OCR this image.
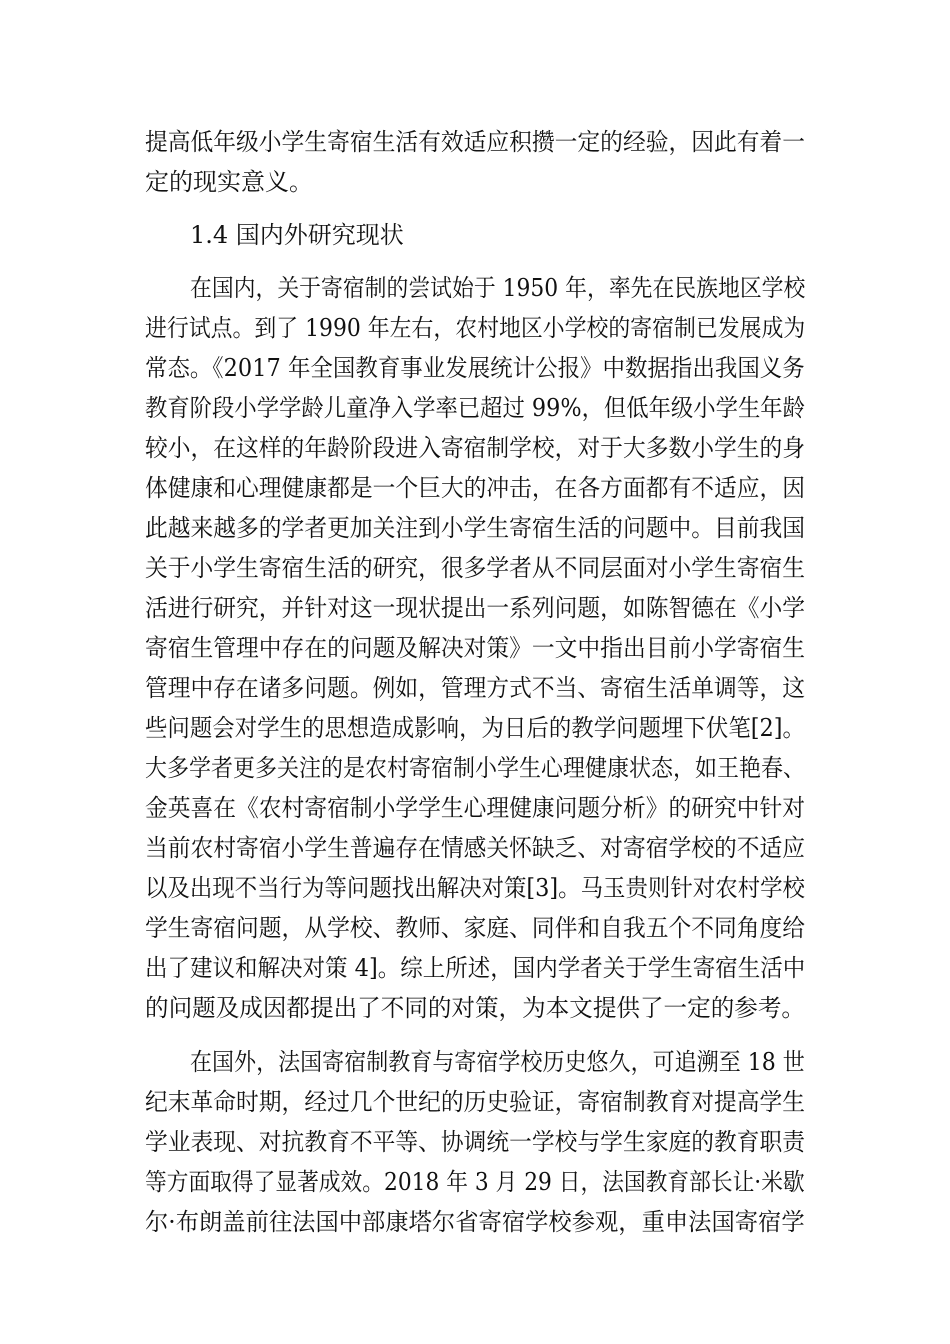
提高低年级小学生寄宿生活有效适应积攒一定的经验，因此有着一
定的现实意义。
1.4 国内外研究现状
在国内，关于寄宿制的尝试始于 1950 年，率先在民族地区学校
进行试点。到了 1990 年左右，农村地区小学校的寄宿制已发展成为
常态。《2017 年全国教育事业发展统计公报》中数据指出我国义务
教育阶段小学学龄儿童净入学率已超过 99%，但低年级小学生年龄
较小，在这样的年龄阶段进入寄宿制学校，对于大多数小学生的身
体健康和心理健康都是一个巨大的冲击，在各方面都有不适应，因
此越来越多的学者更加关注到小学生寄宿生活的问题中。目前我国
关于小学生寄宿生活的研究，很多学者从不同层面对小学生寄宿生
活进行研究，并针对这一现状提出一系列问题，如陈智德在《小学
寄宿生管理中存在的问题及解决对策》一文中指出目前小学寄宿生
管理中存在诸多问题。例如，管理方式不当、寄宿生活单调等，这
些问题会对学生的思想造成影响，为日后的教学问题埋下伏笔[2]。
大多学者更多关注的是农村寄宿制小学生心理健康状态，如王艳春、
金英喜在《农村寄宿制小学学生心理健康问题分析》的研究中针对
当前农村寄宿小学生普遍存在情感关怀缺乏、对寄宿学校的不适应
以及出现不当行为等问题找出解决对策[3]。马玉贵则针对农村学校
学生寄宿问题，从学校、教师、家庭、同伴和自我五个不同角度给
出了建议和解决对策 4]。综上所述，国内学者关于学生寄宿生活中
的问题及成因都提出了不同的对策，为本文提供了一定的参考。
在国外，法国寄宿制教育与寄宿学校历史悠久，可追溯至 18 世
纪末革命时期，经过几个世纪的历史验证，寄宿制教育对提高学生
学业表现、对抗教育不平等、协调统一学校与学生家庭的教育职责
等方面取得了显著成效。2018 年 3 月 29 日，法国教育部长让·米歇
尔·布朗盖前往法国中部康塔尔省寄宿学校参观，重申法国寄宿学
